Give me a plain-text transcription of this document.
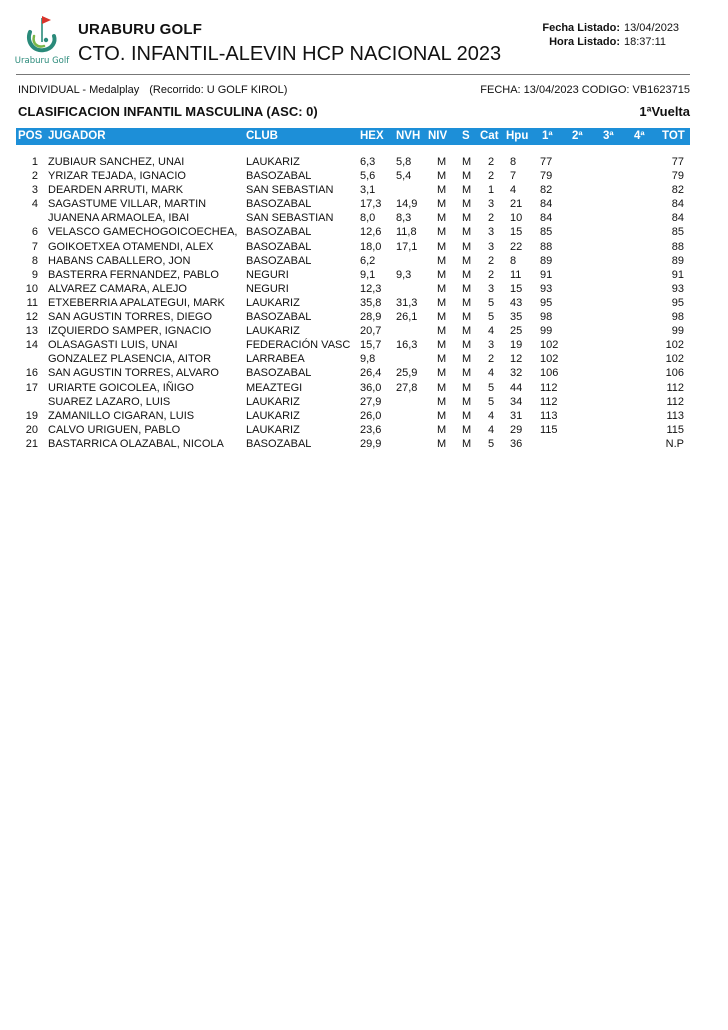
Uraburu Golf
URABURU GOLF
CTO. INFANTIL-ALEVIN HCP NACIONAL 2023
Fecha Listado:
Hora Listado:
13/04/2023
18:37:11
INDIVIDUAL - Medalplay (Recorrido: U GOLF KIROL)	FECHA: 13/04/2023 CODIGO: VB1623715
CLASIFICACION INFANTIL MASCULINA (ASC: 0)	1ªVuelta
POS JUGADOR	CLUB	HEX NVH NIV S Cat Hpu 1ª 2ª 3ª 4ª TOT
1 ZUBIAUR SANCHEZ, UNAI	LAUKARIZ	6,3 5,8 M M 2 8 77	77
2 YRIZAR TEJADA, IGNACIO	BASOZABAL	5,6 5,4 M M 2 7 79	79
3 DEARDEN ARRUTI, MARK	SAN SEBASTIAN	3,1	M M 1 4 82	82
4 SAGASTUME VILLAR, MARTIN	BASOZABAL	17,3 14,9 M M 3 21 84	84
JUANENA ARMAOLEA, IBAI	SAN SEBASTIAN	8,0 8,3 M M 2 10 84	84
6 VELASCO GAMECHOGOICOECHEA, BASOZABAL	12,6 11,8 M M 3 15 85	85
7 GOIKOETXEA OTAMENDI, ALEX	BASOZABAL	18,0 17,1 M M 3 22 88	88
8 HABANS CABALLERO, JON	BASOZABAL	6,2	M M 2 8 89	89
9 BASTERRA FERNANDEZ, PABLO	NEGURI	9,1 9,3 M M 2 11 91	91
10 ALVAREZ CAMARA, ALEJO	NEGURI	12,3	M M 3 15 93	93
11 ETXEBERRIA APALATEGUI, MARK	LAUKARIZ	35,8 31,3 M M 5 43 95	95
12 SAN AGUSTIN TORRES, DIEGO	BASOZABAL	28,9 26,1 M M 5 35 98	98
13 IZQUIERDO SAMPER, IGNACIO	LAUKARIZ	20,7	M M 4 25 99	99
14 OLASAGASTI LUIS, UNAI	FEDERACIÓN VASC 15,7 16,3 M M 3 19 102	102
GONZALEZ PLASENCIA, AITOR	LARRABEA	9,8	M M 2 12 102	102
16 SAN AGUSTIN TORRES, ALVARO	BASOZABAL	26,4 25,9 M M 4 32 106	106
17 URIARTE GOICOLEA, IÑIGO	MEAZTEGI	36,0 27,8 M M 5 44 112	112
SUAREZ LAZARO, LUIS	LAUKARIZ	27,9	M M 5 34 112	112
19 ZAMANILLO CIGARAN, LUIS	LAUKARIZ	26,0	M M 4 31 113	113
20 CALVO URIGUEN, PABLO	LAUKARIZ	23,6	M M 4 29 115	115
21 BASTARRICA OLAZABAL, NICOLA	BASOZABAL	29,9	M M 5 36	N.P
